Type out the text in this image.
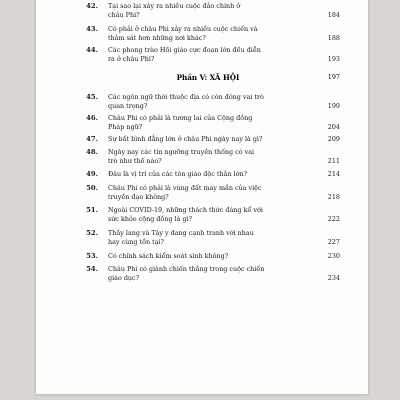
42. Tại sao lại xảy ra nhiều cuộc đảo chính ở
châu Phi?	184
43. Có phải ở châu Phi xảy ra nhiều cuộc chiến và
thảm sát hơn những nơi khác?	188
44. Các phong trào Hồi giáo cực đoan lớn đều diễn
ra ở châu Phi?	193
Phần V: XÃ HỘI	197
45. Các ngôn ngữ thời thuộc địa có còn đóng vai trò
quan trọng?	199
46. Châu Phi có phải là tương lai của Cộng đồng
Pháp ngữ?	204
47. Sự bất bình đẳng lớn ở châu Phi ngày nay là gì?	209
48. Ngày nay các tín ngưỡng truyền thống có vai
trò như thế nào?	211
49. Đâu là vị trí của các tôn giáo độc thần lớn?	214
50. Châu Phi có phải là vùng đất may mắn của việc
truyền đạo không?	218
51. Ngoài COVID-19, những thách thức đáng kể với
sức khỏe cộng đồng là gì?	222
52. Thầy lang và Tây y đang cạnh tranh với nhau
hay cùng tồn tại?	227
53. Có chính sách kiểm soát sinh không?	230
54. Châu Phi có giành chiến thắng trong cuộc chiến
giáo dục?	234
